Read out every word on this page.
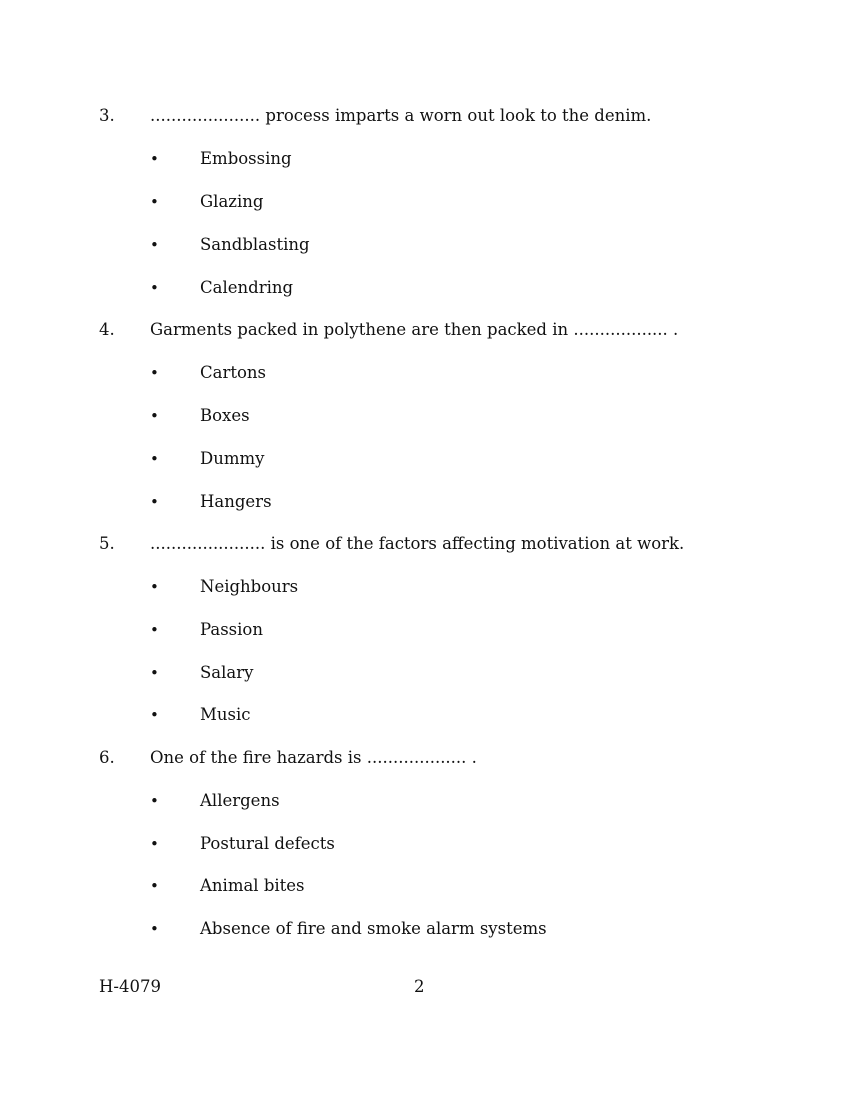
3. ..................... process imparts a worn out look to the denim.
• Embossing
• Glazing
• Sandblasting
• Calendring
4. Garments packed in polythene are then packed in .................. .
• Cartons
• Boxes
• Dummy
• Hangers
5. ...................... is one of the factors affecting motivation at work.
• Neighbours
• Passion
• Salary
• Music
6. One of the fire hazards is ................... .
• Allergens
• Postural defects
• Animal bites
• Absence of fire and smoke alarm systems
H-4079	2
